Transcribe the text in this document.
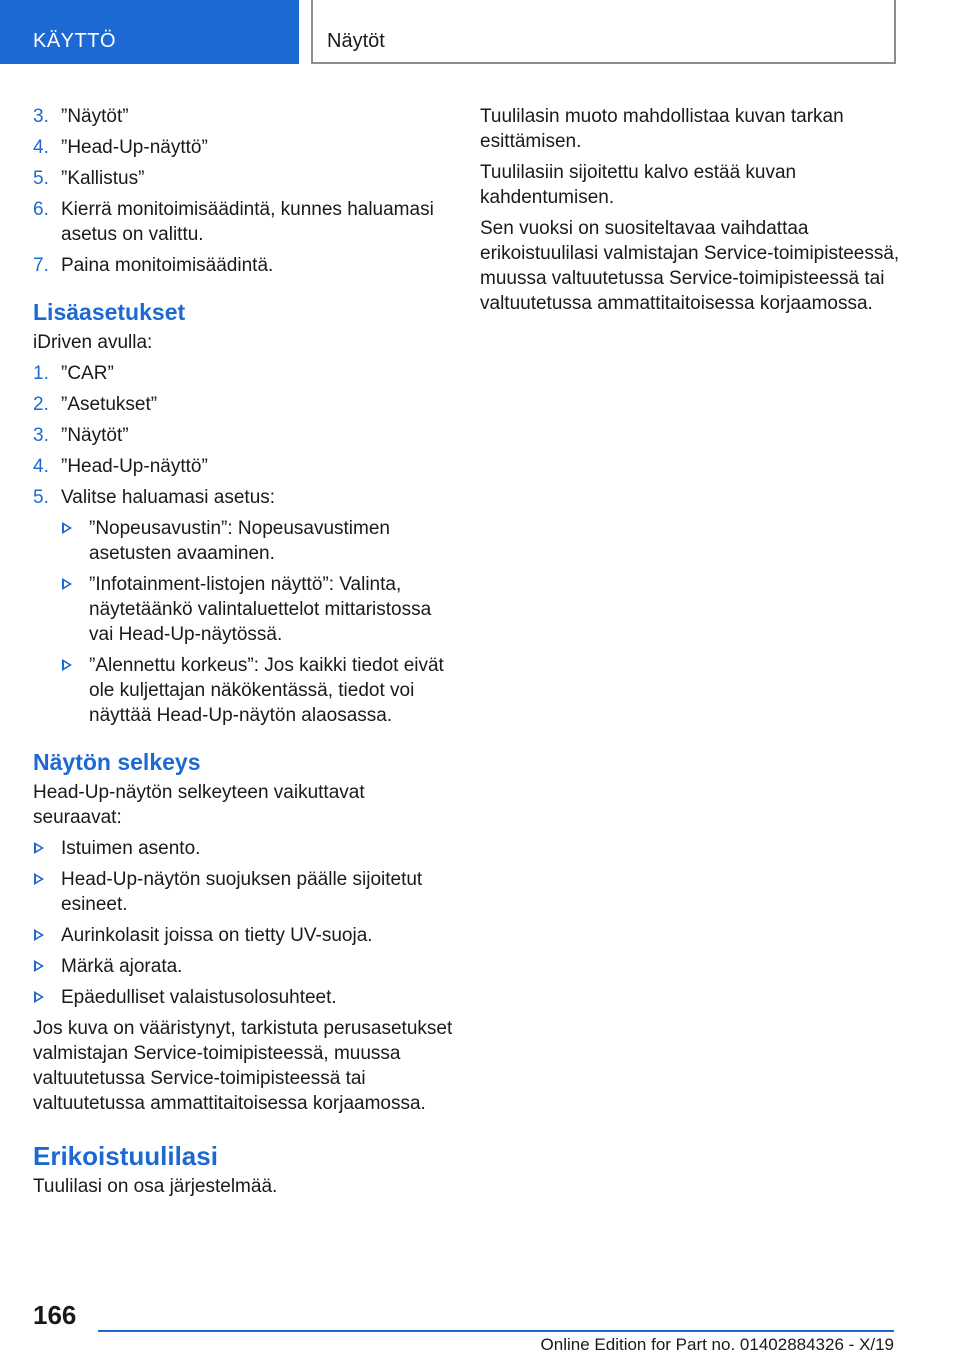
KÄYTTÖ	Näytöt
3. ”Näytöt”
4. ”Head-Up-näyttö”
5. ”Kallistus”
6. Kierrä monitoimisäädintä, kunnes haluamasi asetus on valittu.
7. Paina monitoimisäädintä.
Lisäasetukset

iDriven avulla:

1. ”CAR”
2. ”Asetukset”
3. ”Näytöt”
4. ”Head-Up-näyttö”
5. Valitse haluamasi asetus:
”Nopeusavustin”: Nopeusavustimen asetusten avaaminen.
”Infotainment-listojen näyttö”: Valinta, näytetäänkö valintaluettelot mittaristossa vai Head-Up-näytössä.
”Alennettu korkeus”: Jos kaikki tiedot eivät ole kuljettajan näkökentässä, tiedot voi näyttää Head-Up-näytön alaosassa.
Näytön selkeys

Head-Up-näytön selkeyteen vaikuttavat seuraavat:

Istuimen asento.
Head-Up-näytön suojuksen päälle sijoitetut esineet.
Aurinkolasit joissa on tietty UV-suoja.
Märkä ajorata.
Epäedulliset valaistusolosuhteet.

Jos kuva on vääristynyt, tarkistuta perusasetukset valmistajan Service-toimipisteessä, muussa valtuutetussa Service-toimipisteessä tai valtuutetussa ammattitaitoisessa korjaamossa.

Erikoistuulilasi

Tuulilasi on osa järjestelmää.

Tuulilasin muoto mahdollistaa kuvan tarkan esittämisen.

Tuulilasiin sijoitettu kalvo estää kuvan kahdentumisen.

Sen vuoksi on suositeltavaa vaihdattaa erikoistuulilasi valmistajan Service-toimipisteessä, muussa valtuutetussa Service-toimipisteessä tai valtuutetussa ammattitaitoisessa korjaamossa.

166
Online Edition for Part no. 01402884326 - X/19
